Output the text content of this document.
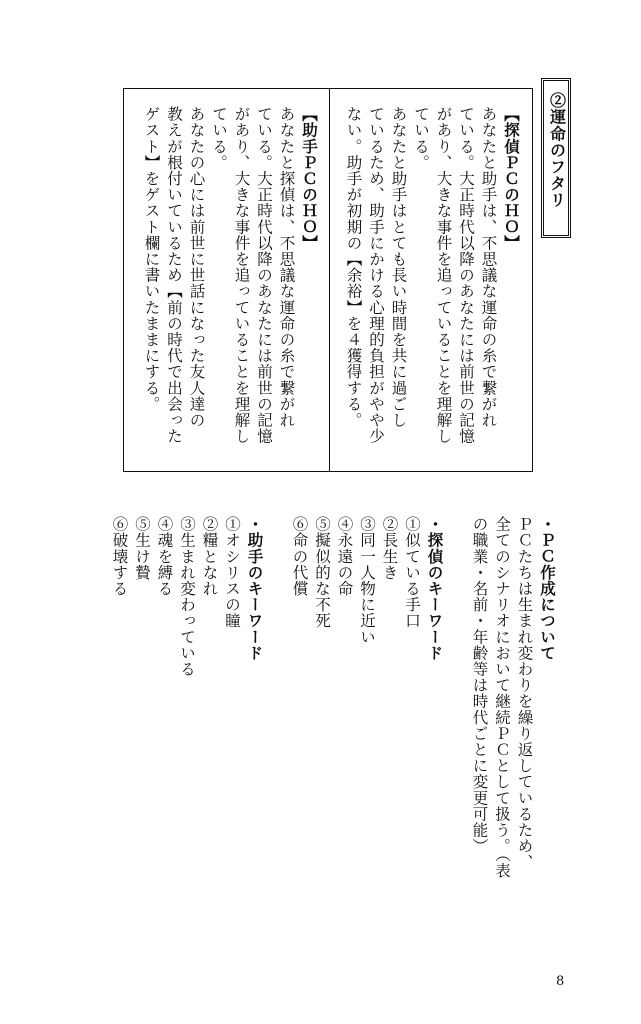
②運命のフタリ

【探偵ＰＣのＨＯ】

あなたと助手は、不思議な運命の糸で繋がれ

ている。大正時代以降のあなたには前世の記憶

があり、大きな事件を追っていることを理解し

ている。

あなたと助手はとても長い時間を共に過ごし

ているため、助手にかける心理的負担がやや少

ない。助手が初期の【余裕】を４獲得する。

【助手ＰＣのＨＯ】

あなたと探偵は、不思議な運命の糸で繋がれ

ている。大正時代以降のあなたには前世の記憶

があり、大きな事件を追っていることを理解し

ている。

あなたの心には前世に世話になった友人達の

教えが根付いているため【前の時代で出会った

ゲスト】をゲスト欄に書いたままにする。

・ＰＣ作成について

ＰＣたちは生まれ変わりを繰り返しているため、

全てのシナリオにおいて継続ＰＣとして扱う。（表

の職業・名前・年齢等は時代ごとに変更可能）

・探偵のキーワード

①似ている手口

②長生き

③同一人物に近い

④永遠の命

⑤擬似的な不死

⑥命の代償

・助手のキーワード

①オシリスの瞳

②糧となれ

③生まれ変わっている

④魂を縛る

⑤生け贄

⑥破壊する

8
